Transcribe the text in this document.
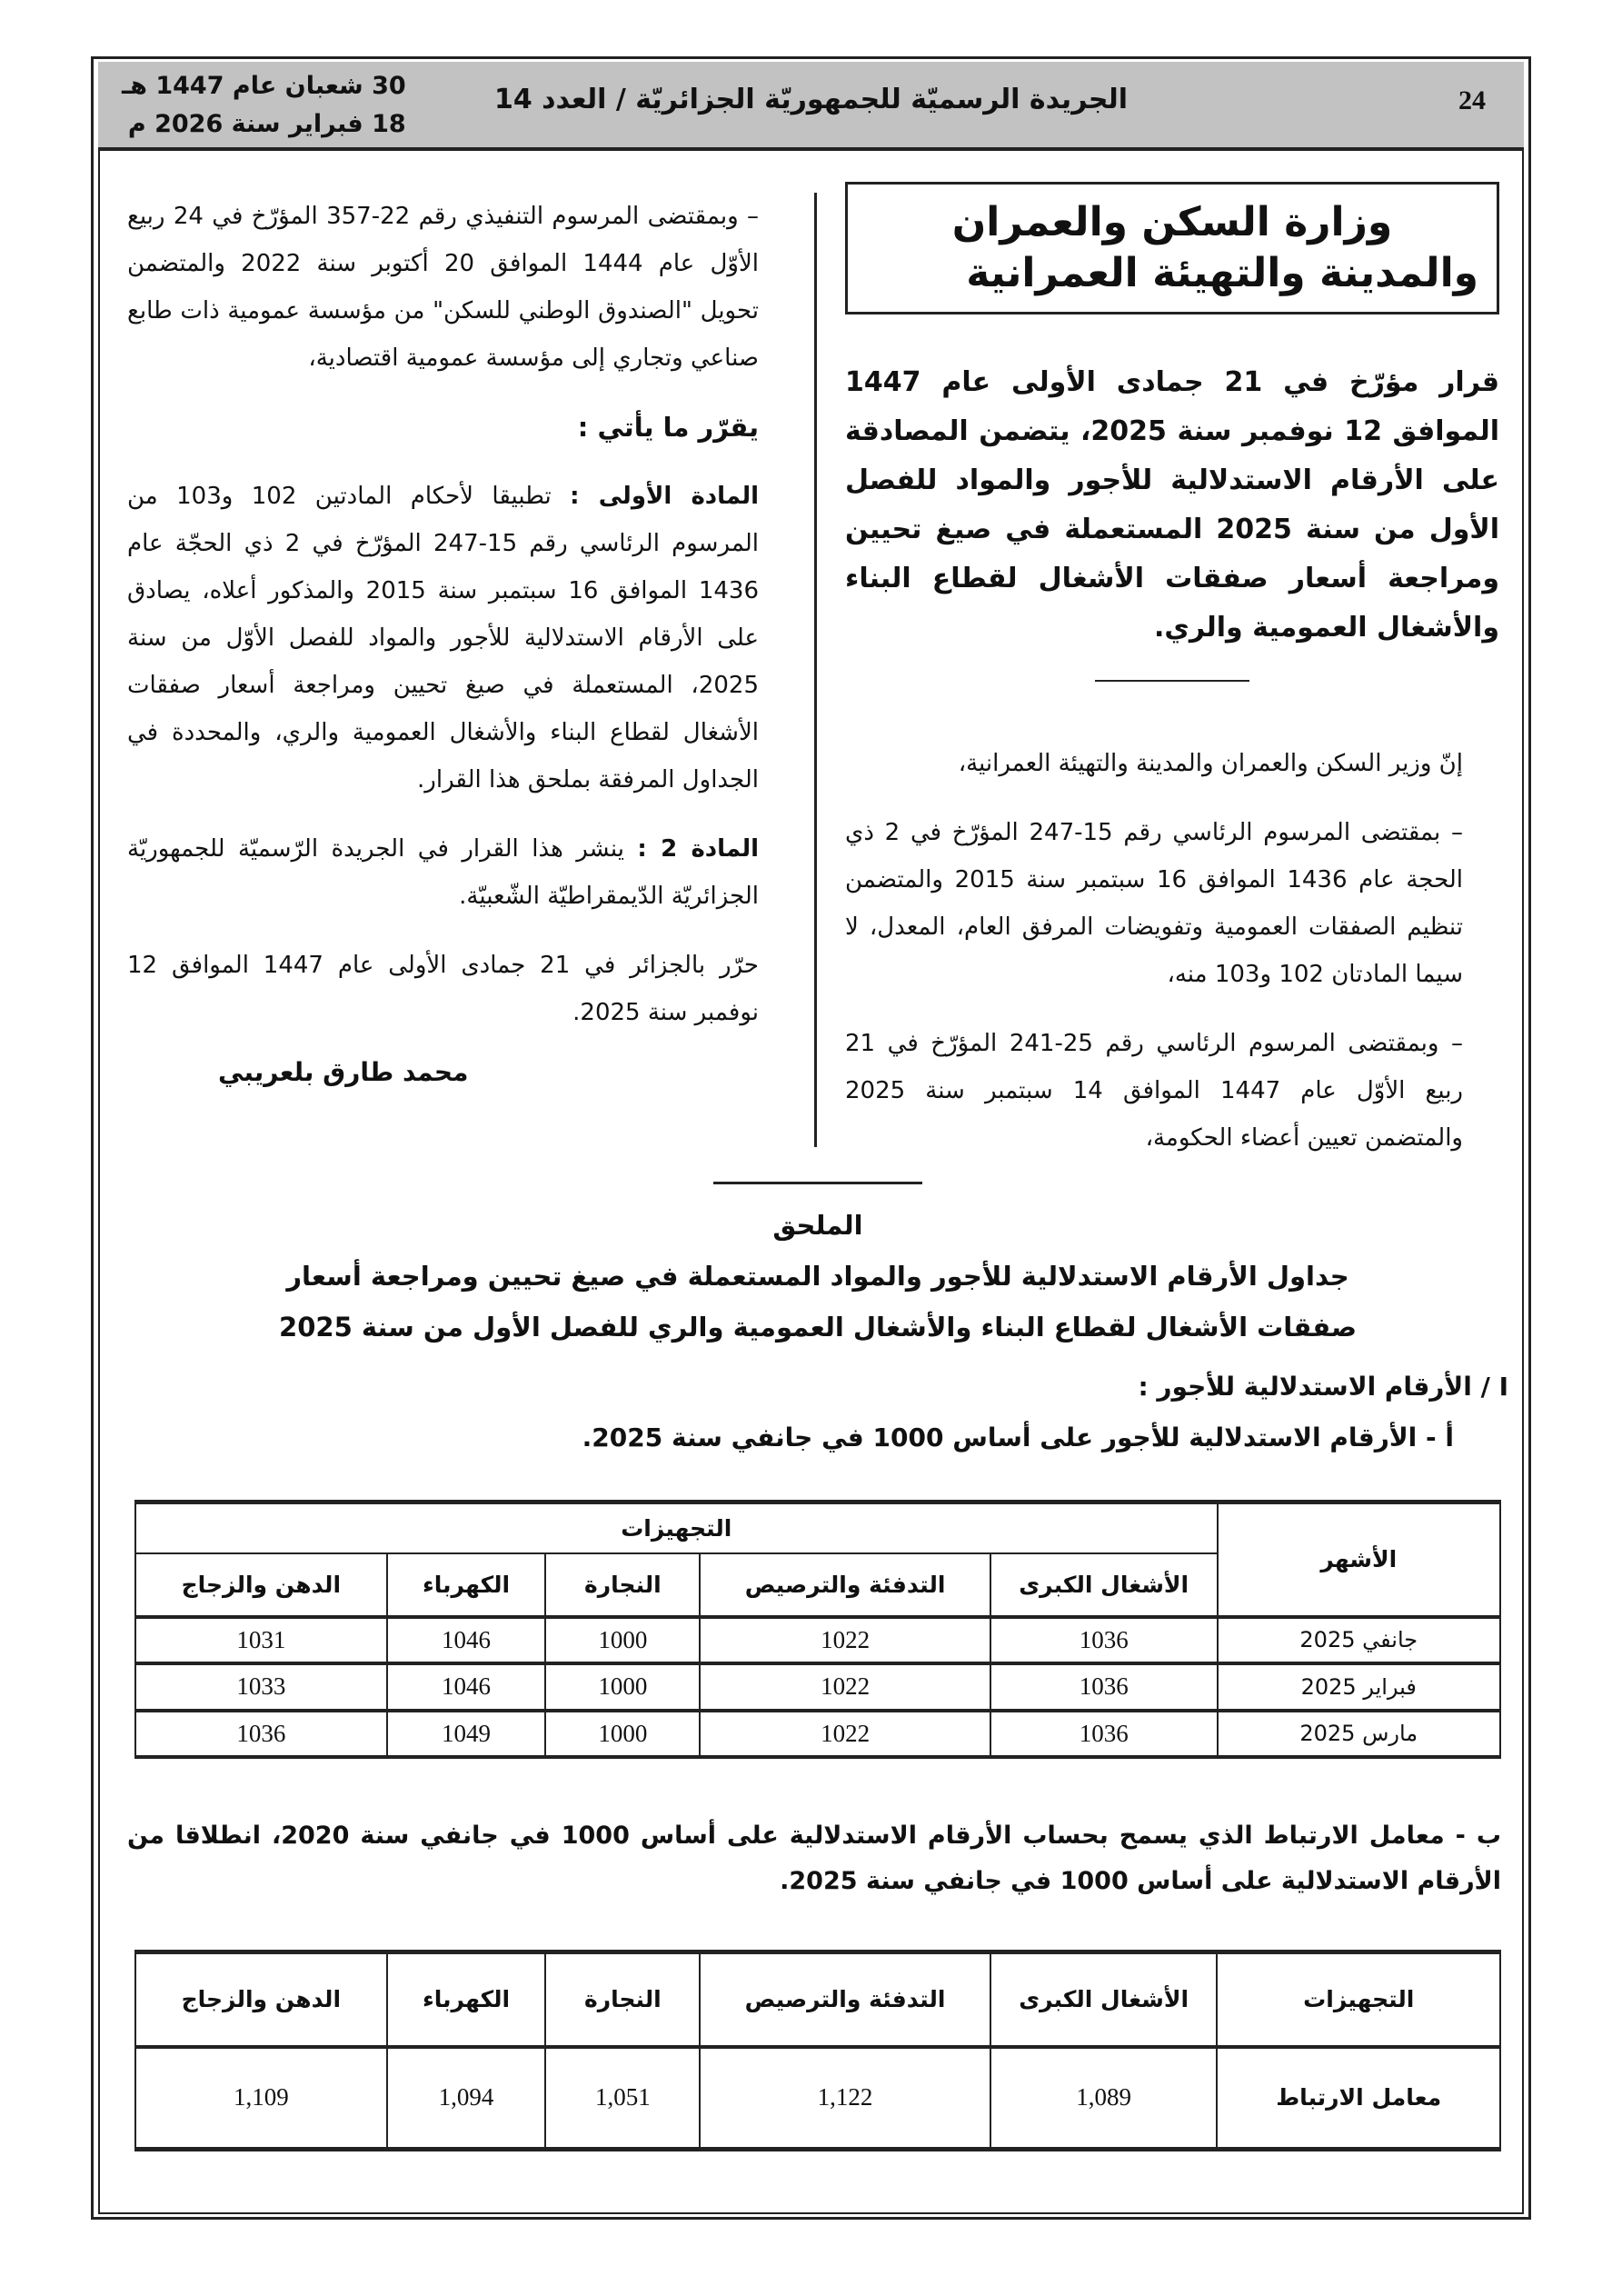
24
الجريدة الرسميّة للجمهوريّة الجزائريّة / العدد 14
30 شعبان عام 1447 هـ
18 فبراير سنة 2026 م
وزارة السكن والعمران والمدينة والتهيئة العمرانية

قرار مؤرّخ في 21 جمادى الأولى عام 1447 الموافق 12 نوفمبر سنة 2025، يتضمن المصادقة على الأرقام الاستدلالية للأجور والمواد للفصل الأول من سنة 2025 المستعملة في صيغ تحيين ومراجعة أسعار صفقات الأشغال لقطاع البناء والأشغال العمومية والري.

إنّ وزير السكن والعمران والمدينة والتهيئة العمرانية،

– بمقتضى المرسوم الرئاسي رقم 15-247 المؤرّخ في 2 ذي الحجة عام 1436 الموافق 16 سبتمبر سنة 2015 والمتضمن تنظيم الصفقات العمومية وتفويضات المرفق العام، المعدل، لا سيما المادتان 102 و103 منه،

– وبمقتضى المرسوم الرئاسي رقم 25-241 المؤرّخ في 21 ربيع الأوّل عام 1447 الموافق 14 سبتمبر سنة 2025 والمتضمن تعيين أعضاء الحكومة،

– وبمقتضى المرسوم التنفيذي رقم 22-357 المؤرّخ في 24 ربيع الأوّل عام 1444 الموافق 20 أكتوبر سنة 2022 والمتضمن تحويل "الصندوق الوطني للسكن" من مؤسسة عمومية ذات طابع صناعي وتجاري إلى مؤسسة عمومية اقتصادية،

يقرّر ما يأتي :

المادة الأولى : تطبيقا لأحكام المادتين 102 و103 من المرسوم الرئاسي رقم 15-247 المؤرّخ في 2 ذي الحجّة عام 1436 الموافق 16 سبتمبر سنة 2015 والمذكور أعلاه، يصادق على الأرقام الاستدلالية للأجور والمواد للفصل الأوّل من سنة 2025، المستعملة في صيغ تحيين ومراجعة أسعار صفقات الأشغال لقطاع البناء والأشغال العمومية والري، والمحددة في الجداول المرفقة بملحق هذا القرار.

المادة 2 : ينشر هذا القرار في الجريدة الرّسميّة للجمهوريّة الجزائريّة الدّيمقراطيّة الشّعبيّة.

حرّر بالجزائر في 21 جمادى الأولى عام 1447 الموافق 12 نوفمبر سنة 2025.

محمد طارق بلعريبي

الملحق
جداول الأرقام الاستدلالية للأجور والمواد المستعملة في صيغ تحيين ومراجعة أسعار
صفقات الأشغال لقطاع البناء والأشغال العمومية والري للفصل الأول من سنة 2025
I / الأرقام الاستدلالية للأجور :
أ - الأرقام الاستدلالية للأجور على أساس 1000 في جانفي سنة 2025.
الأشهر	التجهيزات				
	الأشغال الكبرى	التدفئة والترصيص	النجارة	الكهرباء	الدهن والزجاج
جانفي 2025	1036	1022	1000	1046	1031
فبراير 2025	1036	1022	1000	1046	1033
مارس 2025	1036	1022	1000	1049	1036
ب - معامل الارتباط الذي يسمح بحساب الأرقام الاستدلالية على أساس 1000 في جانفي سنة 2020، انطلاقا من الأرقام الاستدلالية على أساس 1000 في جانفي سنة 2025.
التجهيزات	الأشغال الكبرى	التدفئة والترصيص	النجارة	الكهرباء	الدهن والزجاج
معامل الارتباط	1,089	1,122	1,051	1,094	1,109
